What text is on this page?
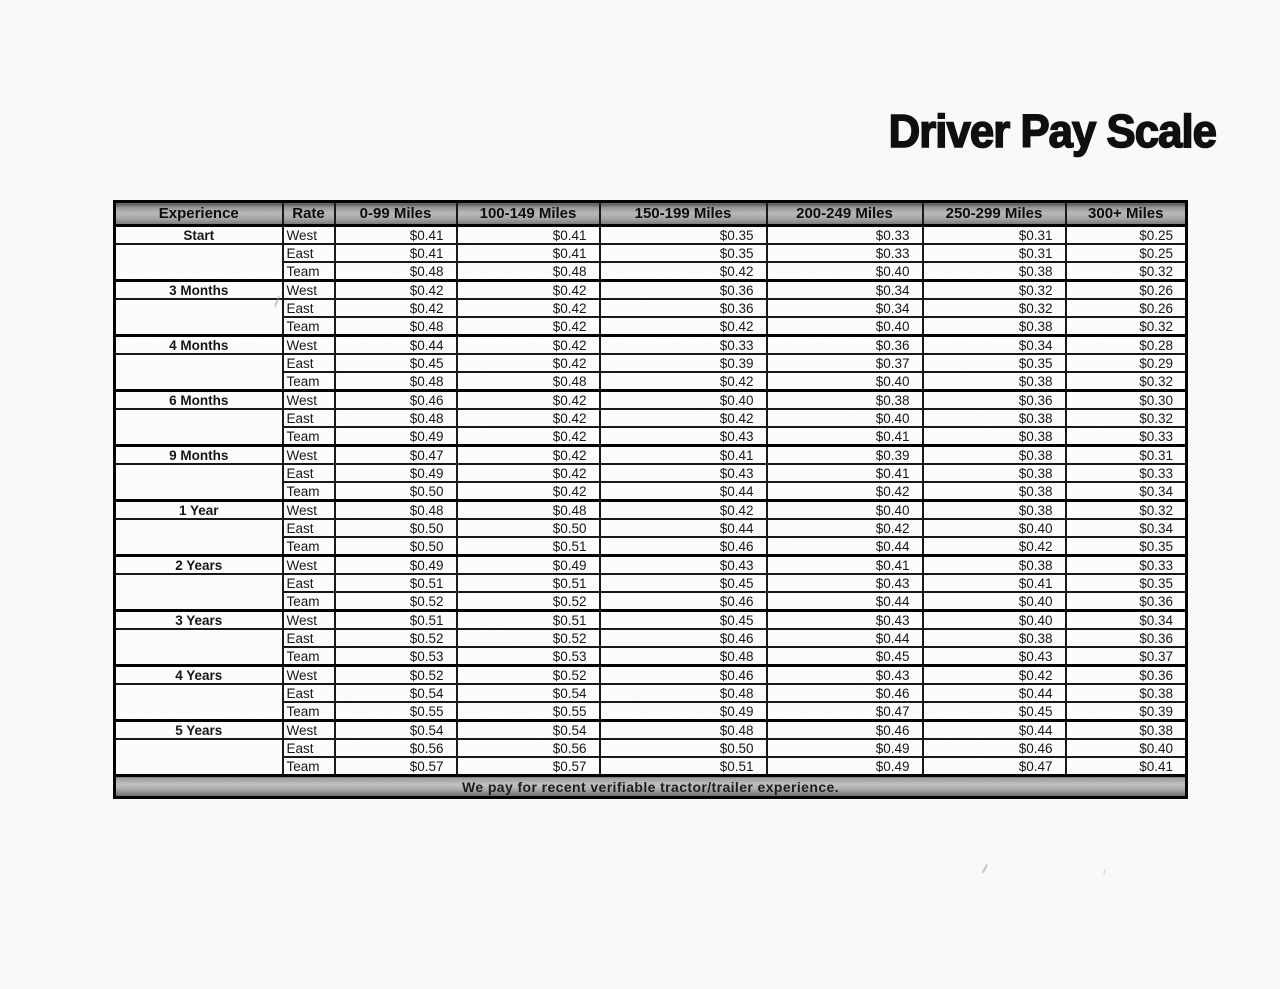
Driver Pay Scale
Experience	Rate	0-99 Miles	100-149 Miles	150-199 Miles	200-249 Miles	250-299 Miles	300+ Miles
Start	West	$0.41	$0.41	$0.35	$0.33	$0.31	$0.25
	East	$0.41	$0.41	$0.35	$0.33	$0.31	$0.25
	Team	$0.48	$0.48	$0.42	$0.40	$0.38	$0.32
3 Months	West	$0.42	$0.42	$0.36	$0.34	$0.32	$0.26
	East	$0.42	$0.42	$0.36	$0.34	$0.32	$0.26
	Team	$0.48	$0.42	$0.42	$0.40	$0.38	$0.32
4 Months	West	$0.44	$0.42	$0.33	$0.36	$0.34	$0.28
	East	$0.45	$0.42	$0.39	$0.37	$0.35	$0.29
	Team	$0.48	$0.48	$0.42	$0.40	$0.38	$0.32
6 Months	West	$0.46	$0.42	$0.40	$0.38	$0.36	$0.30
	East	$0.48	$0.42	$0.42	$0.40	$0.38	$0.32
	Team	$0.49	$0.42	$0.43	$0.41	$0.38	$0.33
9 Months	West	$0.47	$0.42	$0.41	$0.39	$0.38	$0.31
	East	$0.49	$0.42	$0.43	$0.41	$0.38	$0.33
	Team	$0.50	$0.42	$0.44	$0.42	$0.38	$0.34
1 Year	West	$0.48	$0.48	$0.42	$0.40	$0.38	$0.32
	East	$0.50	$0.50	$0.44	$0.42	$0.40	$0.34
	Team	$0.50	$0.51	$0.46	$0.44	$0.42	$0.35
2 Years	West	$0.49	$0.49	$0.43	$0.41	$0.38	$0.33
	East	$0.51	$0.51	$0.45	$0.43	$0.41	$0.35
	Team	$0.52	$0.52	$0.46	$0.44	$0.40	$0.36
3 Years	West	$0.51	$0.51	$0.45	$0.43	$0.40	$0.34
	East	$0.52	$0.52	$0.46	$0.44	$0.38	$0.36
	Team	$0.53	$0.53	$0.48	$0.45	$0.43	$0.37
4 Years	West	$0.52	$0.52	$0.46	$0.43	$0.42	$0.36
	East	$0.54	$0.54	$0.48	$0.46	$0.44	$0.38
	Team	$0.55	$0.55	$0.49	$0.47	$0.45	$0.39
5 Years	West	$0.54	$0.54	$0.48	$0.46	$0.44	$0.38
	East	$0.56	$0.56	$0.50	$0.49	$0.46	$0.40
	Team	$0.57	$0.57	$0.51	$0.49	$0.47	$0.41
We pay for recent verifiable tractor/trailer experience.							
